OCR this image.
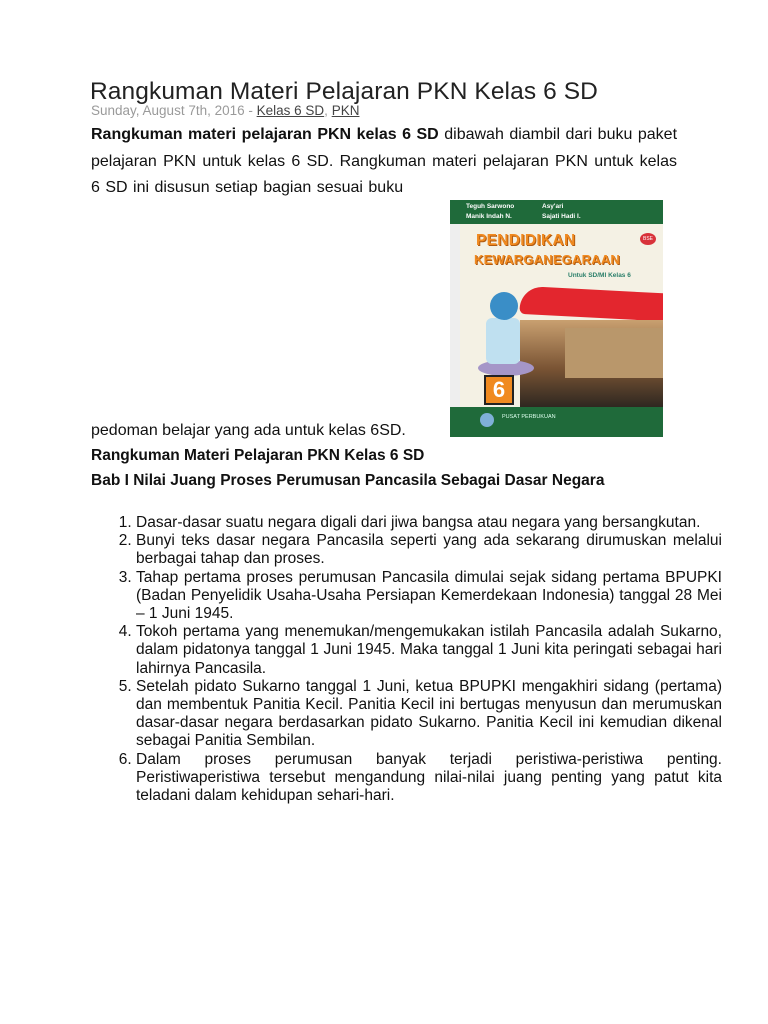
Rangkuman Materi Pelajaran PKN Kelas 6 SD
Sunday, August 7th, 2016 - Kelas 6 SD, PKN
Rangkuman materi pelajaran PKN kelas 6 SD dibawah diambil dari buku paket pelajaran PKN untuk kelas 6 SD. Rangkuman materi pelajaran PKN untuk kelas 6 SD ini disusun setiap bagian sesuai buku
Teguh Sarwono	Asy'ari
Manik Indah N.	Sajati Hadi I.
PENDIDIKAN
KEWARGANEGARAAN
Untuk SD/MI Kelas 6
BSE
6
PUSAT PERBUKUAN
pedoman belajar yang ada untuk kelas 6SD.
Rangkuman Materi Pelajaran PKN Kelas 6 SD
Bab I Nilai Juang Proses Perumusan Pancasila Sebagai Dasar Negara
1. Dasar-dasar suatu negara digali dari jiwa bangsa atau negara yang bersangkutan.
2. Bunyi teks dasar negara Pancasila seperti yang ada sekarang dirumuskan melalui berbagai tahap dan proses.
3. Tahap pertama proses perumusan Pancasila dimulai sejak sidang pertama BPUPKI (Badan Penyelidik Usaha-Usaha Persiapan Kemerdekaan Indonesia) tanggal 28 Mei – 1 Juni 1945.
4. Tokoh pertama yang menemukan/mengemukakan istilah Pancasila adalah Sukarno, dalam pidatonya tanggal 1 Juni 1945. Maka tanggal 1 Juni kita peringati sebagai hari lahirnya Pancasila.
5. Setelah pidato Sukarno tanggal 1 Juni, ketua BPUPKI mengakhiri sidang (pertama) dan membentuk Panitia Kecil. Panitia Kecil ini bertugas menyusun dan merumuskan dasar-dasar negara berdasarkan pidato Sukarno. Panitia Kecil ini kemudian dikenal sebagai Panitia Sembilan.
6. Dalam proses perumusan banyak terjadi peristiwa-peristiwa penting. Peristiwaperistiwa tersebut mengandung nilai-nilai juang penting yang patut kita teladani dalam kehidupan sehari-hari.
